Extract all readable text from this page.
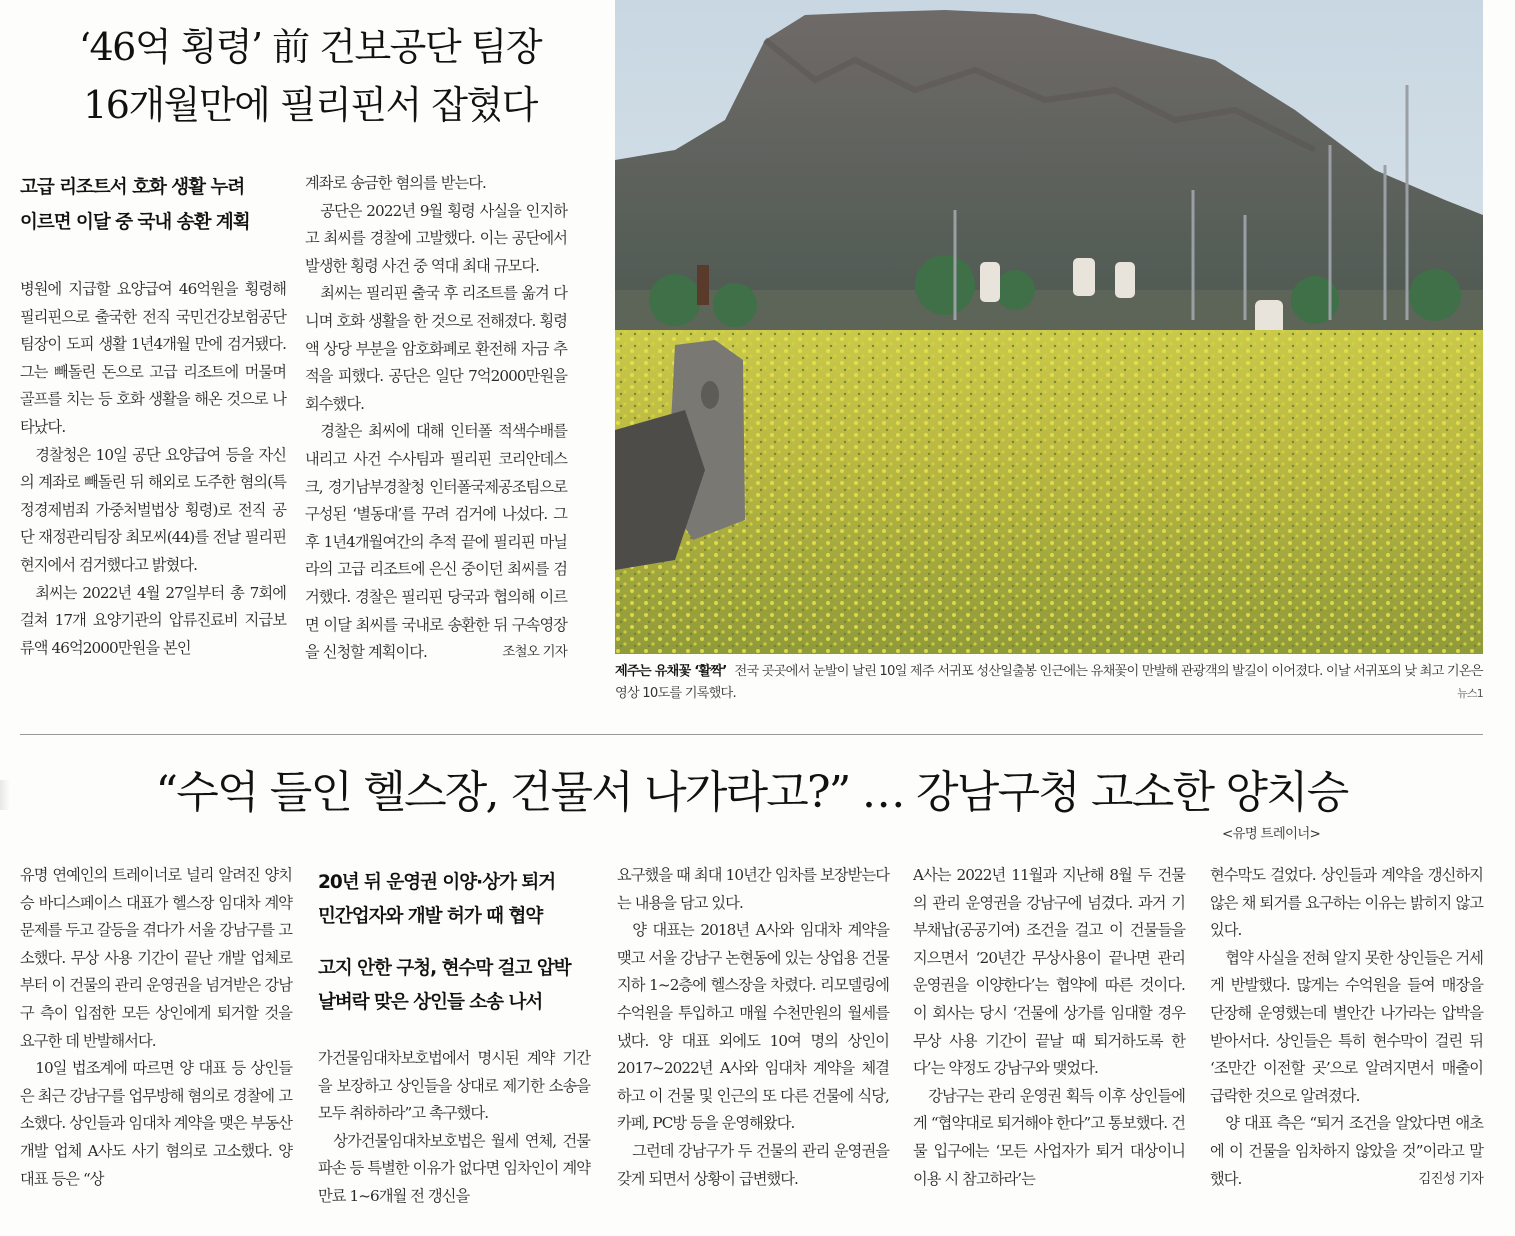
‘46억 횡령’ 前 건보공단 팀장
16개월만에 필리핀서 잡혔다
고급 리조트서 호화 생활 누려
이르면 이달 중 국내 송환 계획

병원에 지급할 요양급여 46억원을 횡령해 필리핀으로 출국한 전직 국민건강보험공단 팀장이 도피 생활 1년4개월 만에 검거됐다. 그는 빼돌린 돈으로 고급 리조트에 머물며 골프를 치는 등 호화 생활을 해온 것으로 나타났다.

경찰청은 10일 공단 요양급여 등을 자신의 계좌로 빼돌린 뒤 해외로 도주한 혐의(특정경제범죄 가중처벌법상 횡령)로 전직 공단 재정관리팀장 최모씨(44)를 전날 필리핀 현지에서 검거했다고 밝혔다.

최씨는 2022년 4월 27일부터 총 7회에 걸쳐 17개 요양기관의 압류진료비 지급보류액 46억2000만원을 본인

계좌로 송금한 혐의를 받는다.

공단은 2022년 9월 횡령 사실을 인지하고 최씨를 경찰에 고발했다. 이는 공단에서 발생한 횡령 사건 중 역대 최대 규모다.

최씨는 필리핀 출국 후 리조트를 옮겨 다니며 호화 생활을 한 것으로 전해졌다. 횡령액 상당 부분을 암호화폐로 환전해 자금 추적을 피했다. 공단은 일단 7억2000만원을 회수했다.

경찰은 최씨에 대해 인터폴 적색수배를 내리고 사건 수사팀과 필리핀 코리안데스크, 경기남부경찰청 인터폴국제공조팀으로 구성된 ‘별동대’를 꾸려 검거에 나섰다. 그 후 1년4개월여간의 추적 끝에 필리핀 마닐라의 고급 리조트에 은신 중이던 최씨를 검거했다. 경찰은 필리핀 당국과 협의해 이르면 이달 최씨를 국내로 송환한 뒤 구속영장을 신청할 계획이다.	조철오 기자

제주는 유채꽃 ‘활짝’ 전국 곳곳에서 눈발이 날린 10일 제주 서귀포 성산일출봉 인근에는 유채꽃이 만발해 관광객의 발길이 이어졌다. 이날 서귀포의 낮 최고 기온은 영상 10도를 기록했다.	뉴스1
“수억 들인 헬스장, 건물서 나가라고?” … 강남구청 고소한 양치승
<유명 트레이너>

유명 연예인의 트레이너로 널리 알려진 양치승 바디스페이스 대표가 헬스장 임대차 계약 문제를 두고 갈등을 겪다가 서울 강남구를 고소했다. 무상 사용 기간이 끝난 개발 업체로부터 이 건물의 관리 운영권을 넘겨받은 강남구 측이 입점한 모든 상인에게 퇴거할 것을 요구한 데 반발해서다.

10일 법조계에 따르면 양 대표 등 상인들은 최근 강남구를 업무방해 혐의로 경찰에 고소했다. 상인들과 임대차 계약을 맺은 부동산 개발 업체 A사도 사기 혐의로 고소했다. 양 대표 등은 “상

20년 뒤 운영권 이양·상가 퇴거
민간업자와 개발 허가 때 협약
고지 안한 구청, 현수막 걸고 압박
날벼락 맞은 상인들 소송 나서

가건물임대차보호법에서 명시된 계약 기간을 보장하고 상인들을 상대로 제기한 소송을 모두 취하하라”고 촉구했다.

상가건물임대차보호법은 월세 연체, 건물 파손 등 특별한 이유가 없다면 임차인이 계약 만료 1~6개월 전 갱신을

요구했을 때 최대 10년간 임차를 보장받는다는 내용을 담고 있다.

양 대표는 2018년 A사와 임대차 계약을 맺고 서울 강남구 논현동에 있는 상업용 건물 지하 1~2층에 헬스장을 차렸다. 리모델링에 수억원을 투입하고 매월 수천만원의 월세를 냈다. 양 대표 외에도 10여 명의 상인이 2017~2022년 A사와 임대차 계약을 체결하고 이 건물 및 인근의 또 다른 건물에 식당, 카페, PC방 등을 운영해왔다.

그런데 강남구가 두 건물의 관리 운영권을 갖게 되면서 상황이 급변했다.

A사는 2022년 11월과 지난해 8월 두 건물의 관리 운영권을 강남구에 넘겼다. 과거 기부채납(공공기여) 조건을 걸고 이 건물들을 지으면서 ‘20년간 무상사용이 끝나면 관리 운영권을 이양한다’는 협약에 따른 것이다. 이 회사는 당시 ‘건물에 상가를 임대할 경우 무상 사용 기간이 끝날 때 퇴거하도록 한다’는 약정도 강남구와 맺었다.

강남구는 관리 운영권 획득 이후 상인들에게 “협약대로 퇴거해야 한다”고 통보했다. 건물 입구에는 ‘모든 사업자가 퇴거 대상이니 이용 시 참고하라’는

현수막도 걸었다. 상인들과 계약을 갱신하지 않은 채 퇴거를 요구하는 이유는 밝히지 않고 있다.

협약 사실을 전혀 알지 못한 상인들은 거세게 반발했다. 많게는 수억원을 들여 매장을 단장해 운영했는데 별안간 나가라는 압박을 받아서다. 상인들은 특히 현수막이 걸린 뒤 ‘조만간 이전할 곳’으로 알려지면서 매출이 급락한 것으로 알려졌다.

양 대표 측은 “퇴거 조건을 알았다면 애초에 이 건물을 임차하지 않았을 것”이라고 말했다.	김진성 기자
